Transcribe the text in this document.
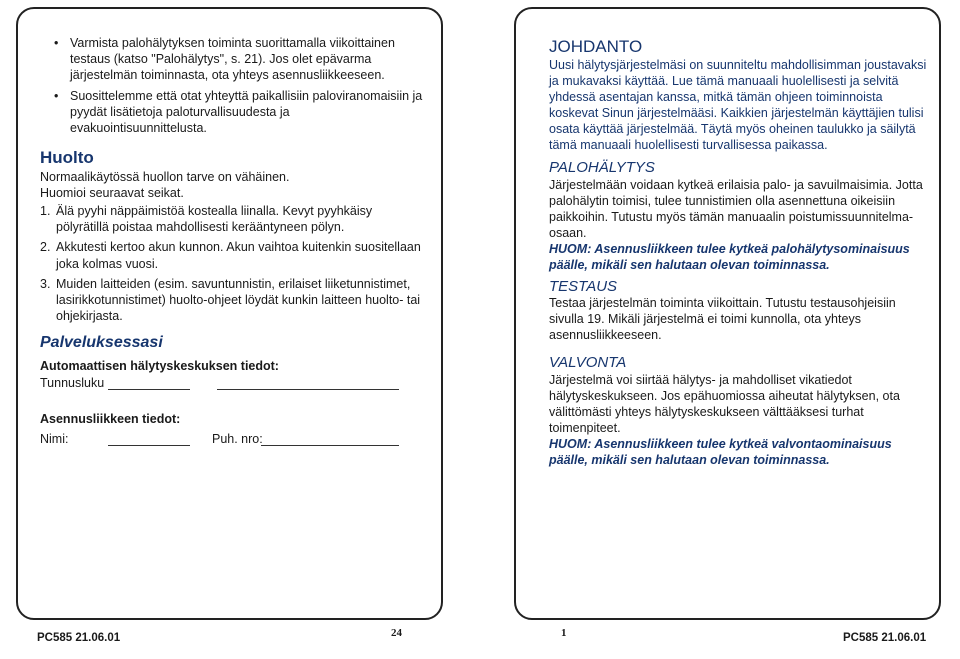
• Varmista palohälytyksen toiminta suorittamalla viikoittainen testaus (katso "Palohälytys", s. 21). Jos olet epävarma järjestelmän toiminnasta, ota yhteys asennusliikkeeseen.
• Suosittelemme että otat yhteyttä paikallisiin paloviranomaisiin ja pyydät lisätietoja paloturvallisuudesta ja evakuointisuunnittelusta.
Huolto
Normaalikäytössä huollon tarve on vähäinen.
Huomioi seuraavat seikat.
1. Älä pyyhi näppäimistöä kostealla liinalla. Kevyt pyyhkäisy pölyrätillä poistaa mahdollisesti kerääntyneen pölyn.
2. Akkutesti kertoo akun kunnon. Akun vaihtoa kuitenkin suositellaan joka kolmas vuosi.
3. Muiden laitteiden (esim. savuntunnistin, erilaiset liiketunnistimet, lasirikkotunnistimet) huolto-ohjeet löydät kunkin laitteen huolto- tai ohjekirjasta.
Palveluksessasi
Automaattisen hälytyskeskuksen tiedot:
Tunnusluku
Asennusliikkeen tiedot:
Nimi:	Puh. nro:
PC585 21.06.01	24
JOHDANTO
Uusi hälytysjärjestelmäsi on suunniteltu mahdollisimman joustavaksi ja mukavaksi käyttää. Lue tämä manuaali huolellisesti ja selvitä yhdessä asentajan kanssa, mitkä tämän ohjeen toiminnoista koskevat Sinun järjestelmääsi. Kaikkien järjestelmän käyttäjien tulisi osata käyttää järjestelmää. Täytä myös oheinen taulukko ja säilytä tämä manuaali huolellisesti turvallisessa paikassa.
PALOHÄLYTYS
Järjestelmään voidaan kytkeä erilaisia palo- ja savuilmaisimia. Jotta palohälytin toimisi, tulee tunnistimien olla asennettuna oikeisiin paikkoihin. Tutustu myös tämän manuaalin poistumissuunnitelma-osaan.
HUOM: Asennusliikkeen tulee kytkeä palohälytysominaisuus päälle, mikäli sen halutaan olevan toiminnassa.
TESTAUS
Testaa järjestelmän toiminta viikoittain. Tutustu testausohjeisiin sivulla 19. Mikäli järjestelmä ei toimi kunnolla, ota yhteys asennusliikkeeseen.
VALVONTA
Järjestelmä voi siirtää hälytys- ja mahdolliset vikatiedot hälytyskeskukseen. Jos epähuomiossa aiheutat hälytyksen, ota välittömästi yhteys hälytyskeskukseen välttääksesi turhat toimenpiteet.
HUOM: Asennusliikkeen tulee kytkeä valvontaominaisuus päälle, mikäli sen halutaan olevan toiminnassa.
1	PC585 21.06.01
